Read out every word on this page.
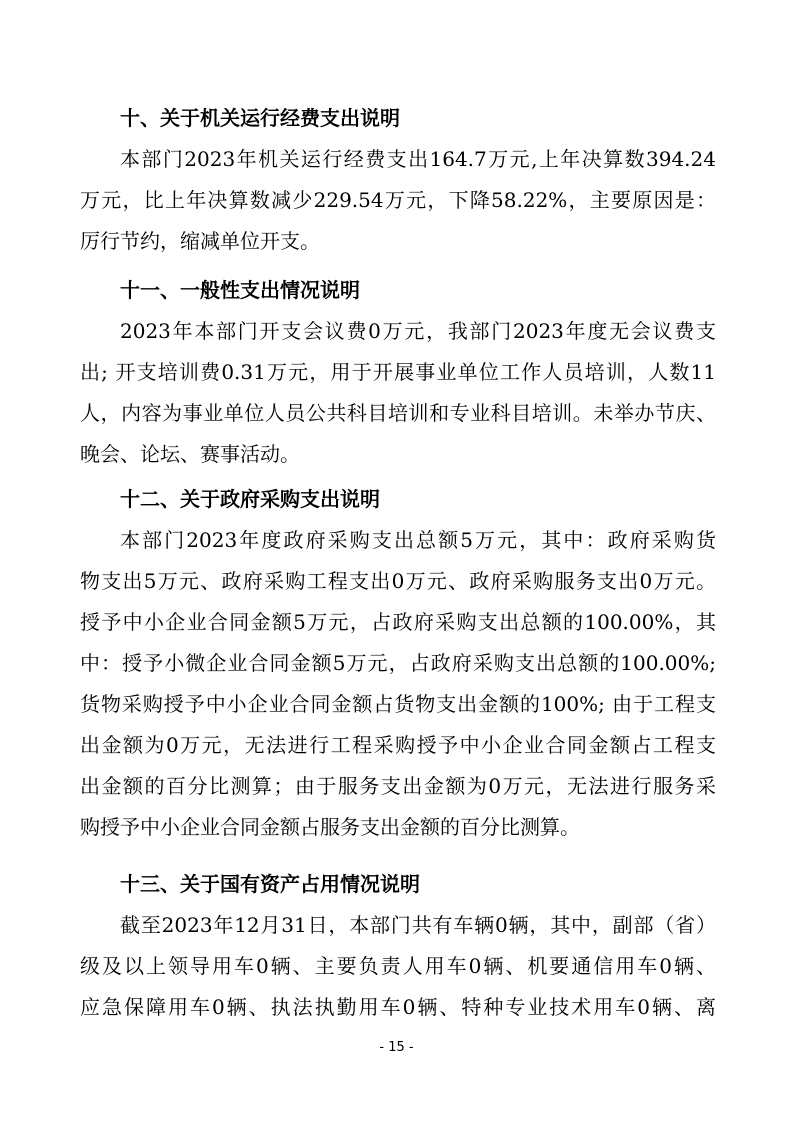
十、关于机关运行经费支出说明
本部门2023年机关运行经费支出164.7万元,上年决算数394.24
万元，比上年决算数减少229.54万元，下降58.22%，主要原因是：
厉行节约，缩减单位开支。
十一、一般性支出情况说明
2023年本部门开支会议费0万元，我部门2023年度无会议费支
出; 开支培训费0.31万元，用于开展事业单位工作人员培训，人数11
人，内容为事业单位人员公共科目培训和专业科目培训。未举办节庆、
晚会、论坛、赛事活动。
十二、关于政府采购支出说明
本部门2023年度政府采购支出总额5万元，其中：政府采购货
物支出5万元、政府采购工程支出0万元、政府采购服务支出0万元。
授予中小企业合同金额5万元，占政府采购支出总额的100.00%，其
中：授予小微企业合同金额5万元，占政府采购支出总额的100.00%;
货物采购授予中小企业合同金额占货物支出金额的100%; 由于工程支
出金额为0万元，无法进行工程采购授予中小企业合同金额占工程支
出金额的百分比测算；由于服务支出金额为0万元，无法进行服务采
购授予中小企业合同金额占服务支出金额的百分比测算。
十三、关于国有资产占用情况说明
截至2023年12月31日，本部门共有车辆0辆，其中，副部（省）
级及以上领导用车0辆、主要负责人用车0辆、机要通信用车0辆、
应急保障用车0辆、执法执勤用车0辆、特种专业技术用车0辆、离
- 15 -
